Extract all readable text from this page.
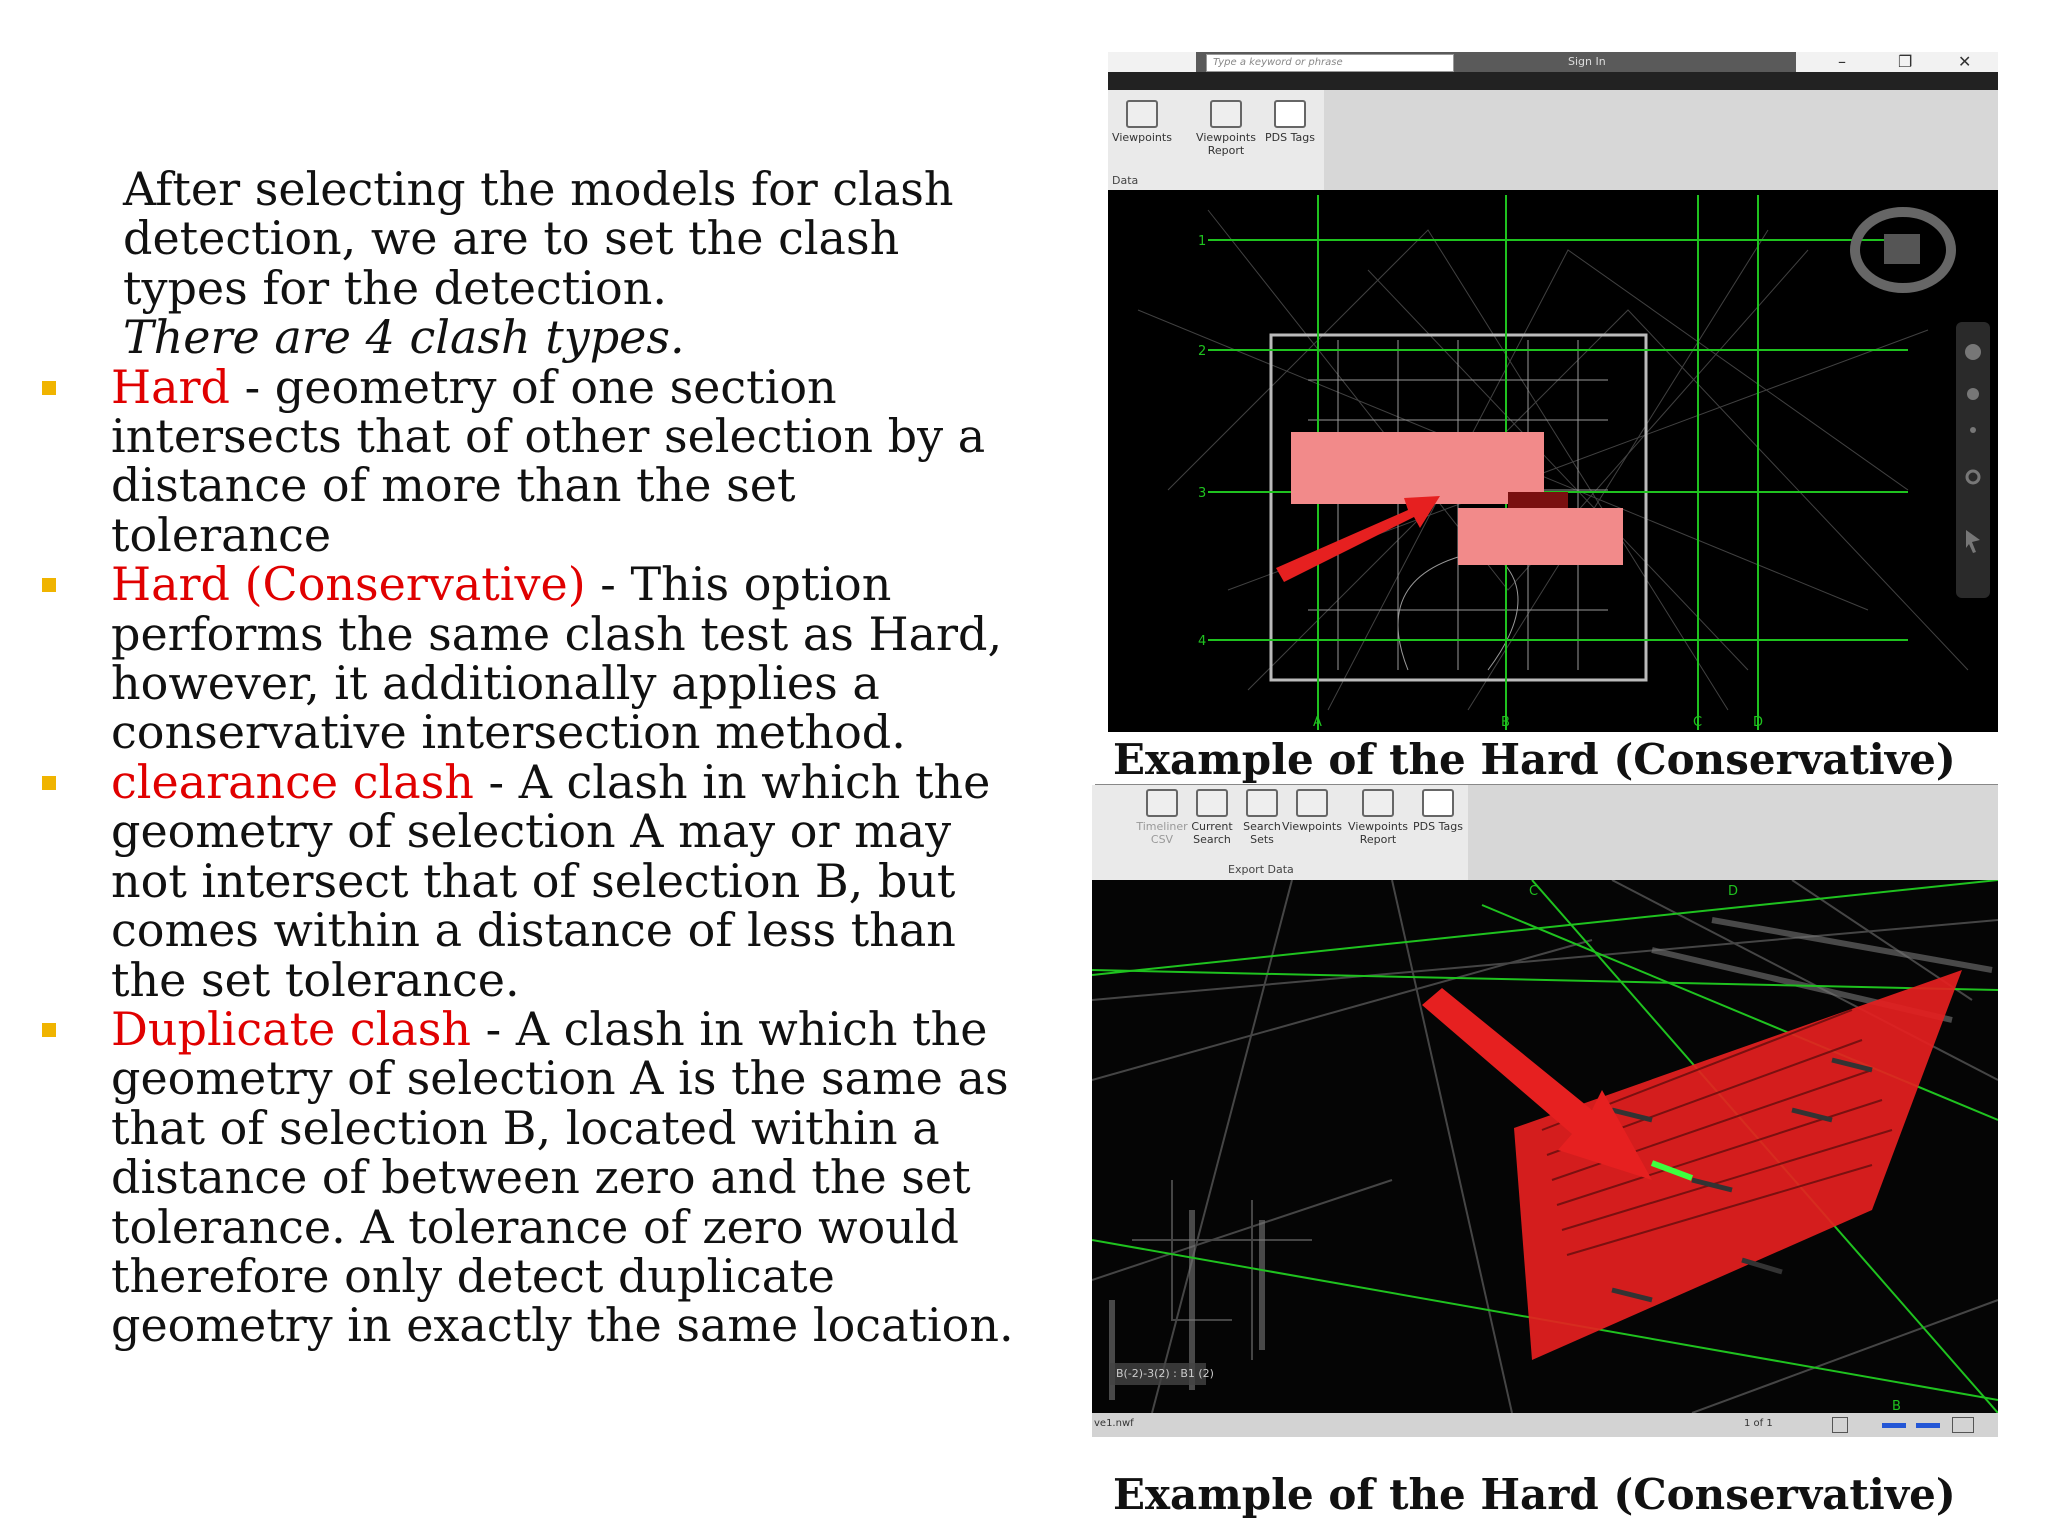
After selecting the models for clash detection, we are to set the clash types for the detection.
There are 4 clash types.
Hard - geometry of one section intersects that of other selection by a distance of more than the set tolerance
Hard (Conservative) - This option performs the same clash test as Hard, however, it additionally applies a conservative intersection method.
clearance clash - A clash in which the geometry of selection A may or may not intersect that of selection B, but comes within a distance of less than the set tolerance.
Duplicate clash - A clash in which the geometry of selection A is the same as that of selection B, located within a distance of between zero and the set tolerance. A tolerance of zero would therefore only detect duplicate geometry in exactly the same location.
Type a keyword or phrase	Sign In	–	❐	✕
Viewpoints Viewpoints Report
PDS Tags
Data
A	B	C	D
1
2
3
4
Example of the Hard (Conservative)
Timeliner CSV
Current Search
Search Sets
Viewpoints Viewpoints Report
PDS Tags
Export Data
C	D
B
B(-2)-3(2) : B1 (2)
ve1.nwf	1 of 1
Example of the Hard (Conservative)
